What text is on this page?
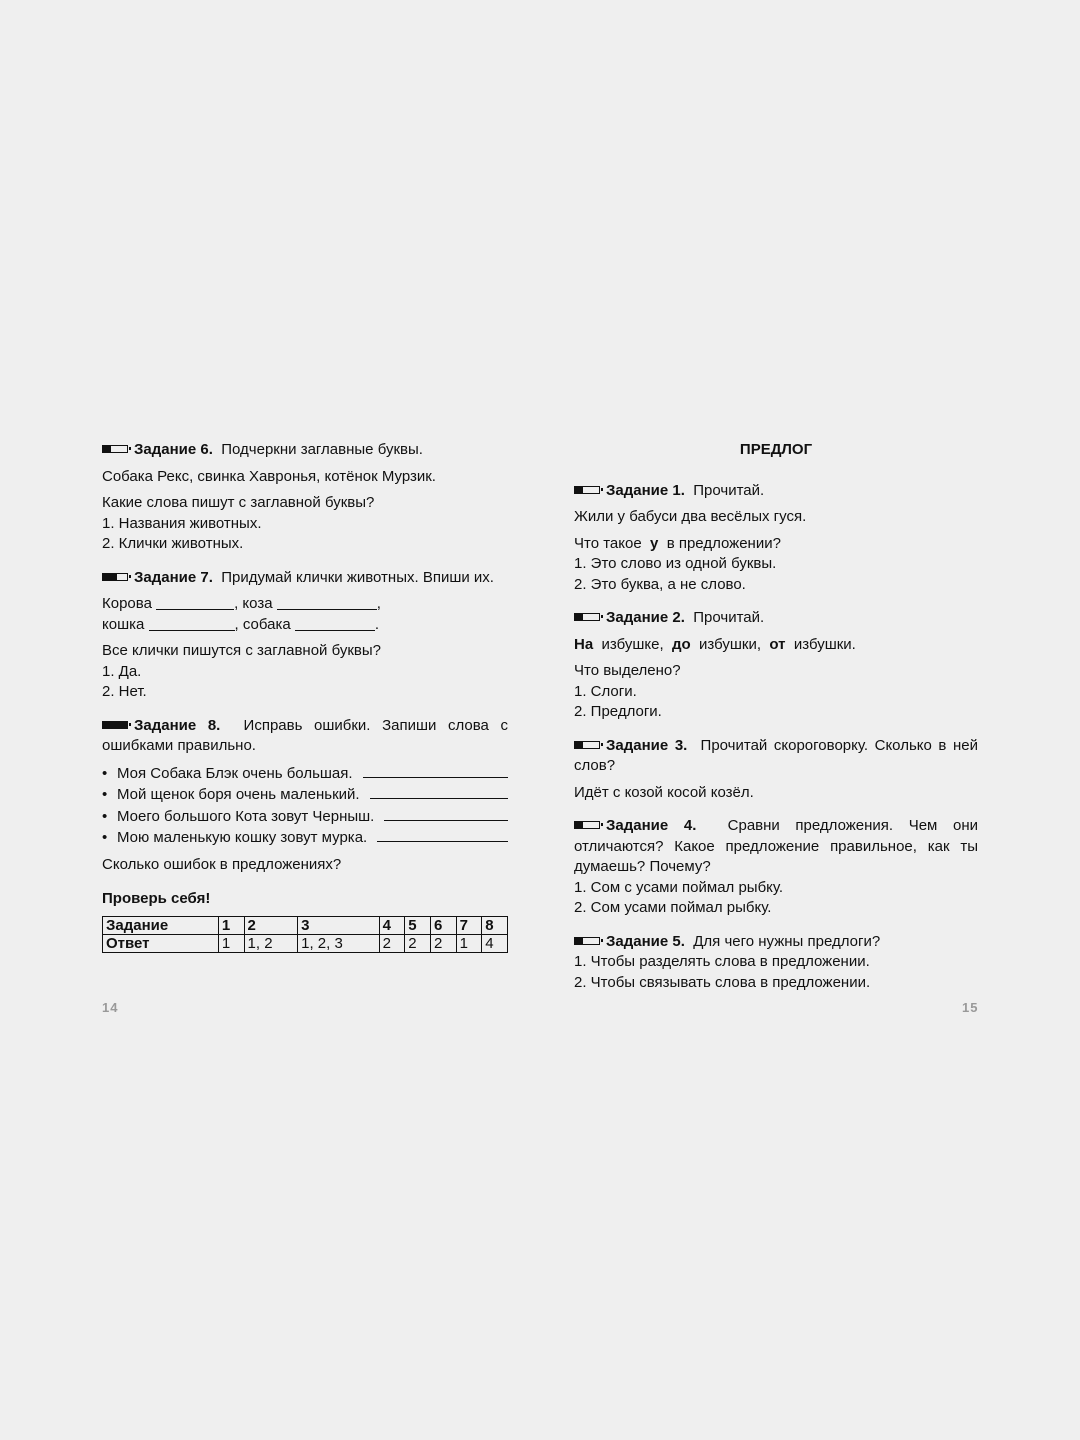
Задание 6. Подчеркни заглавные буквы.

Собака Рекс, свинка Хавронья, котёнок Мурзик.

Какие слова пишут с заглавной буквы?

1. Названия животных.

2. Клички животных.

Задание 7. Придумай клички животных. Впиши их.

Корова	, коза	,

кошка	, собака	.

Все клички пишутся с заглавной буквы?

1. Да.

2. Нет.

Задание 8. Исправь ошибки. Запиши слова с ошибками правильно.

• Моя Собака Блэк очень большая.

• Мой щенок боря очень маленький.

• Моего большого Кота зовут Черныш.

• Мою маленькую кошку зовут мурка.

Сколько ошибок в предложениях?

Проверь себя!

Задание	1	2	3	4	5	6	7	8
Ответ	1	1, 2	1, 2, 3	2	2	2	1	4
14

ПРЕДЛОГ

Задание 1. Прочитай.

Жили у бабуси два весёлых гуся.

Что такое у в предложении?

1. Это слово из одной буквы.

2. Это буква, а не слово.

Задание 2. Прочитай.

На избушке, до избушки, от избушки.

Что выделено?

1. Слоги.

2. Предлоги.

Задание 3. Прочитай скороговорку. Сколько в ней слов?

Идёт с козой косой козёл.

Задание 4. Сравни предложения. Чем они отличаются? Какое предложение правильное, как ты думаешь? Почему?

1. Сом с усами поймал рыбку.

2. Сом усами поймал рыбку.

Задание 5. Для чего нужны предлоги?

1. Чтобы разделять слова в предложении.

2. Чтобы связывать слова в предложении.

15
